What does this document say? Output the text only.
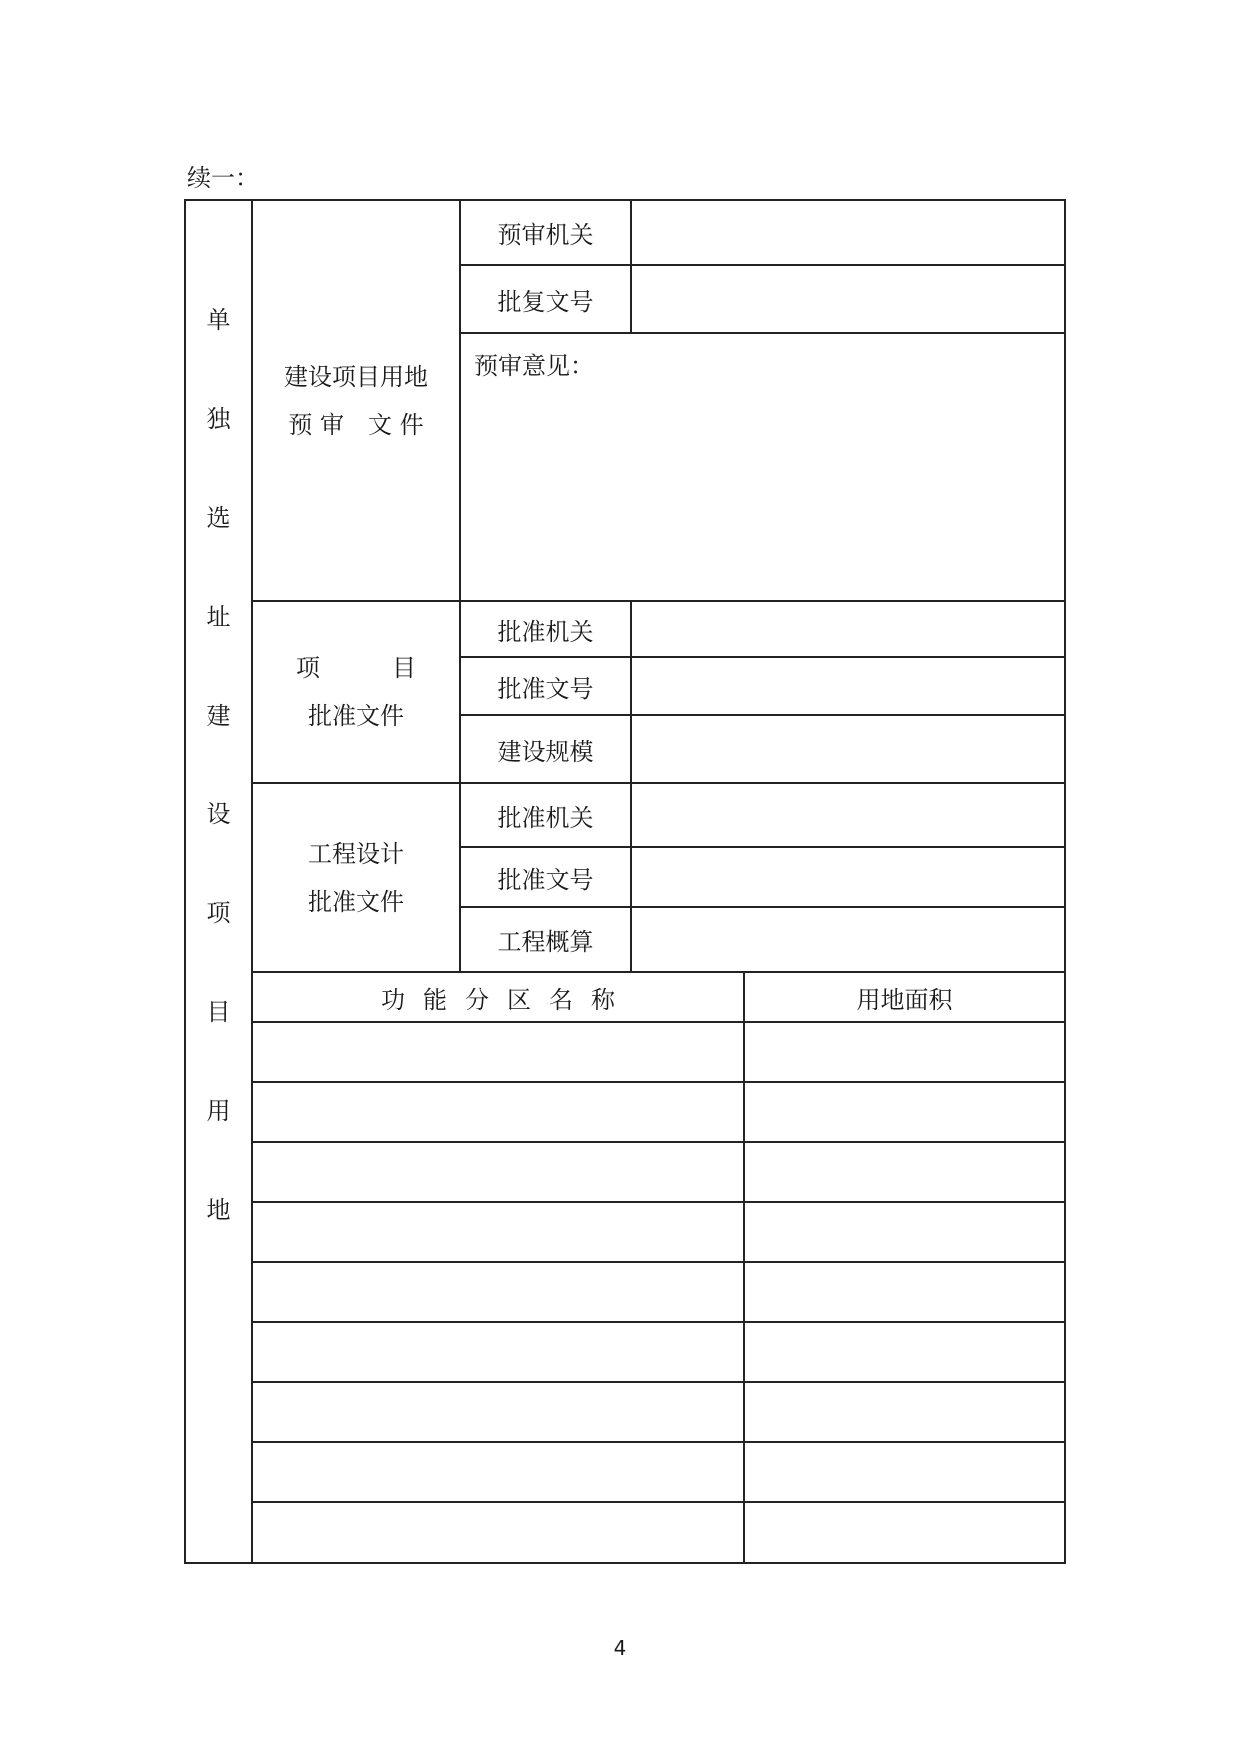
续一：
单
独
选
址
建
设
项
目
用
地
建设项目用地
预 审　文 件
预审机关
批复文号
预审意见：
项　　　目
批准文件
批准机关
批准文号
建设规模
工程设计
批准文件
批准机关
批准文号
工程概算
功能分区名称	用地面积
4
